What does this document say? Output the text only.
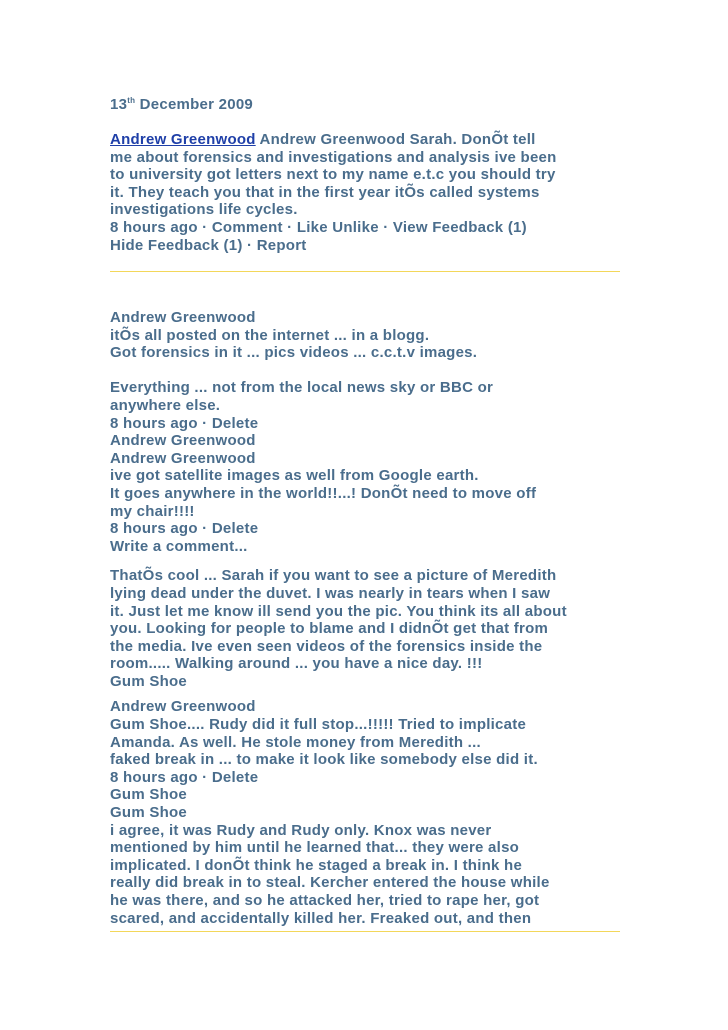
13th December 2009
Andrew Greenwood Andrew Greenwood Sarah. DonÕt tell
me about forensics and investigations and analysis ive been
to university got letters next to my name e.t.c you should try
it. They teach you that in the first year itÕs called systems
investigations life cycles.
8 hours ago · Comment · Like Unlike · View Feedback (1)
Hide Feedback (1) · Report
Andrew Greenwood
itÕs all posted on the internet ... in a blogg.
Got forensics in it ... pics videos ... c.c.t.v images.
Everything ... not from the local news sky or BBC or
anywhere else.
8 hours ago · Delete
Andrew Greenwood
Andrew Greenwood
ive got satellite images as well from Google earth.
It goes anywhere in the world!!...! DonÕt need to move off
my chair!!!!
8 hours ago · Delete
Write a comment...
ThatÕs cool ... Sarah if you want to see a picture of Meredith
lying dead under the duvet. I was nearly in tears when I saw
it. Just let me know ill send you the pic. You think its all about
you. Looking for people to blame and I didnÕt get that from
the media. Ive even seen videos of the forensics inside the
room..... Walking around ... you have a nice day. !!!
Gum Shoe
Andrew Greenwood
Gum Shoe.... Rudy did it full stop...!!!!! Tried to implicate
Amanda. As well. He stole money from Meredith ...
faked break in ... to make it look like somebody else did it.
8 hours ago · Delete
Gum Shoe
Gum Shoe
i agree, it was Rudy and Rudy only. Knox was never
mentioned by him until he learned that... they were also
implicated. I donÕt think he staged a break in. I think he
really did break in to steal. Kercher entered the house while
he was there, and so he attacked her, tried to rape her, got
scared, and accidentally killed her. Freaked out, and then
